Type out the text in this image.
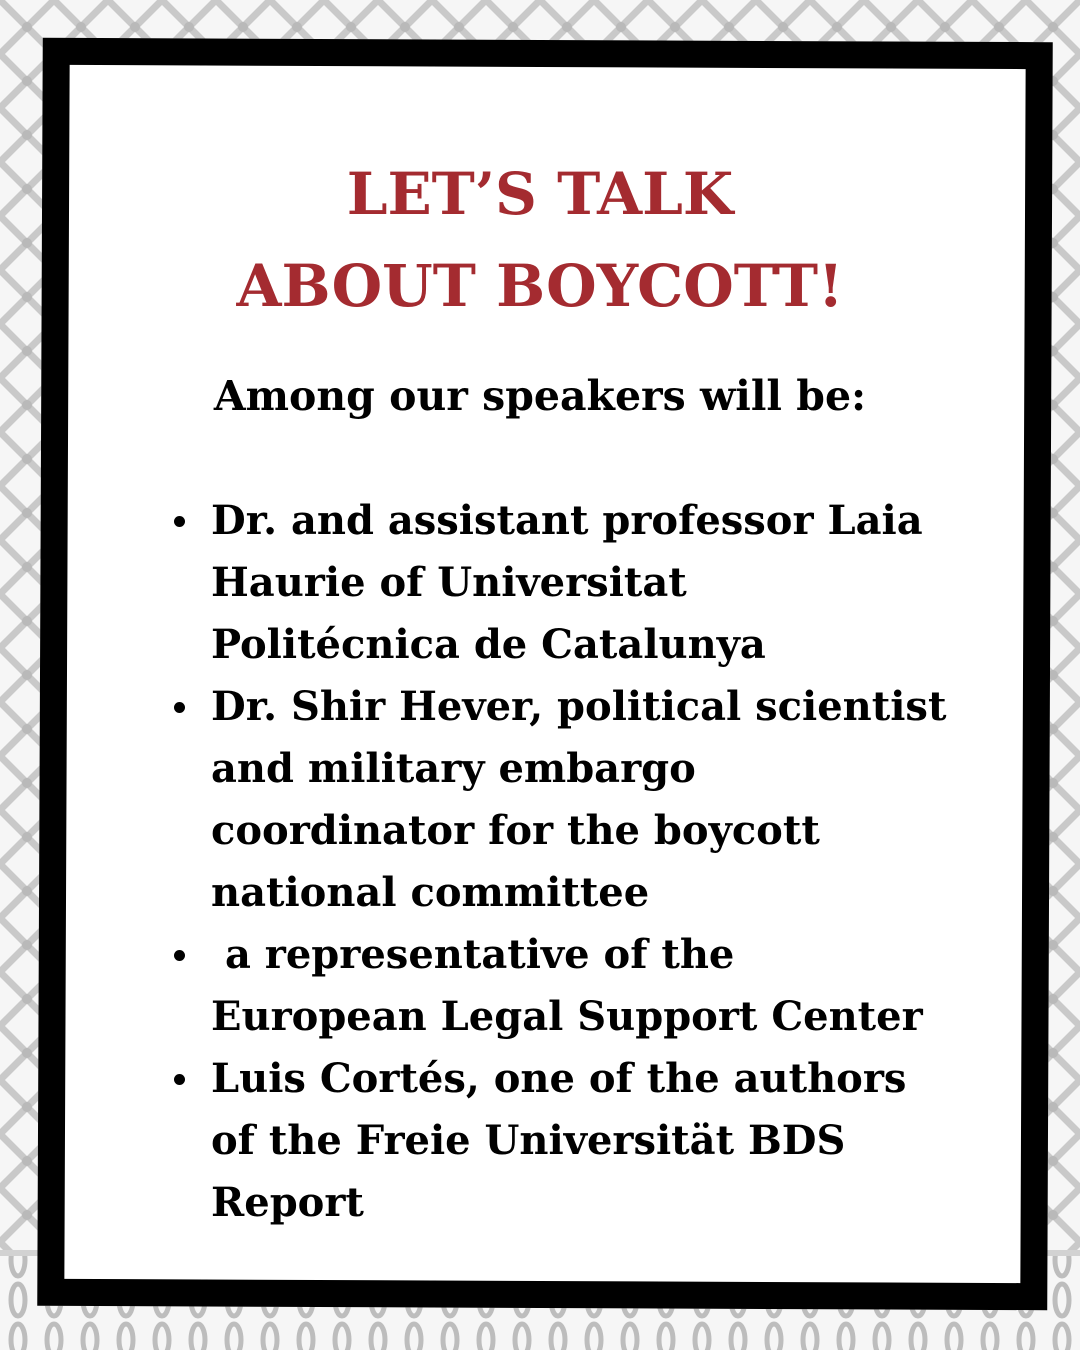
LET’S TALK
ABOUT BOYCOTT!

Among our speakers will be:

Dr. and assistant professor Laia Haurie of Universitat Politécnica de Catalunya
Dr. Shir Hever, political scientist and military embargo coordinator for the boycott national committee
a representative of the European Legal Support Center
Luis Cortés, one of the authors of the Freie Universität BDS Report
